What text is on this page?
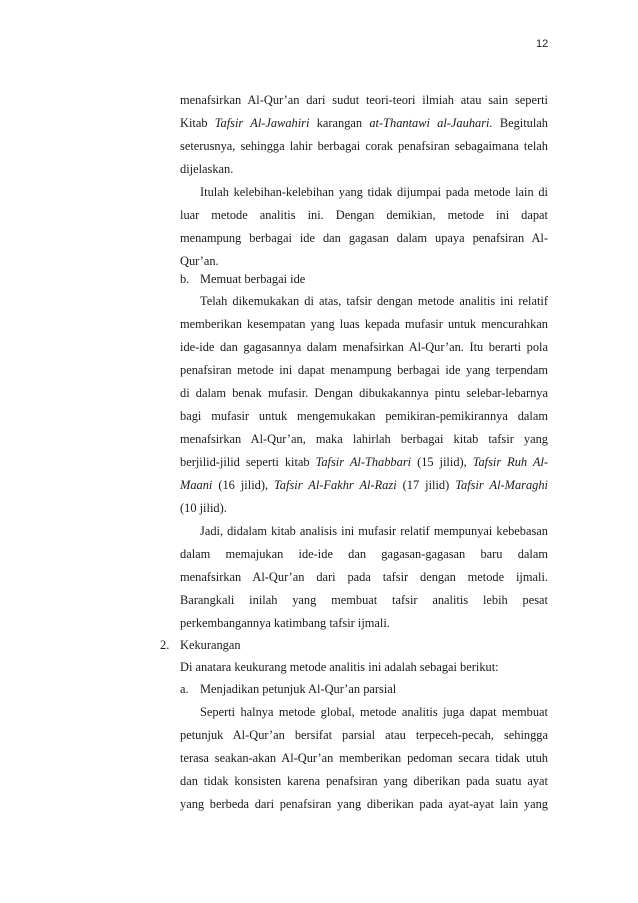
12
menafsirkan Al-Qur’an dari sudut teori-teori ilmiah atau sain seperti
Kitab Tafsir Al-Jawahiri karangan at-Thantawi al-Jauhari. Begitulah
seterusnya, sehingga lahir berbagai corak penafsiran sebagaimana telah
dijelaskan.
Itulah kelebihan-kelebihan yang tidak dijumpai pada metode lain di
luar metode analitis ini. Dengan demikian, metode ini dapat
menampung berbagai ide dan gagasan dalam upaya penafsiran Al-
Qur’an.
b. Memuat berbagai ide
Telah dikemukakan di atas, tafsir dengan metode analitis ini relatif
memberikan kesempatan yang luas kepada mufasir untuk mencurahkan
ide-ide dan gagasannya dalam menafsirkan Al-Qur’an. Itu berarti pola
penafsiran metode ini dapat menampung berbagai ide yang terpendam
di dalam benak mufasir. Dengan dibukakannya pintu selebar-lebarnya
bagi mufasir untuk mengemukakan pemikiran-pemikirannya dalam
menafsirkan Al-Qur’an, maka lahirlah berbagai kitab tafsir yang
berjilid-jilid seperti kitab Tafsir Al-Thabbari (15 jilid), Tafsir Ruh Al-
Maani (16 jilid), Tafsir Al-Fakhr Al-Razi (17 jilid) Tafsir Al-Maraghi
(10 jilid).
Jadi, didalam kitab analisis ini mufasir relatif mempunyai kebebasan
dalam memajukan ide-ide dan gagasan-gagasan baru dalam
menafsirkan Al-Qur’an dari pada tafsir dengan metode ijmali.
Barangkali inilah yang membuat tafsir analitis lebih pesat
perkembangannya katimbang tafsir ijmali.
2. Kekurangan
Di anatara keukurang metode analitis ini adalah sebagai berikut:
a. Menjadikan petunjuk Al-Qur’an parsial
Seperti halnya metode global, metode analitis juga dapat membuat
petunjuk Al-Qur’an bersifat parsial atau terpeceh-pecah, sehingga
terasa seakan-akan Al-Qur’an memberikan pedoman secara tidak utuh
dan tidak konsisten karena penafsiran yang diberikan pada suatu ayat
yang berbeda dari penafsiran yang diberikan pada ayat-ayat lain yang
